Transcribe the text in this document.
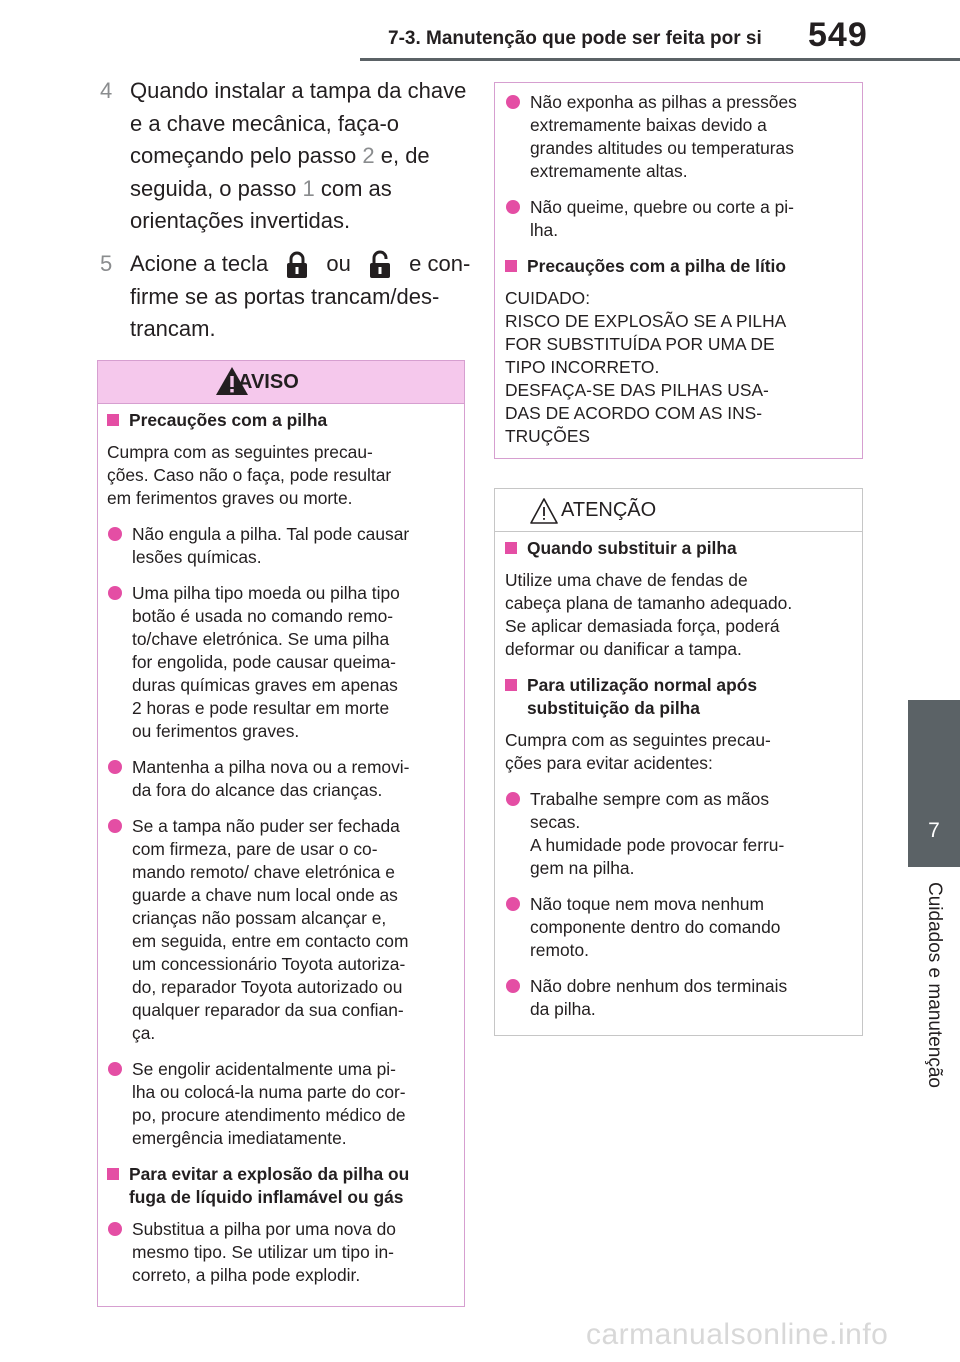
7-3. Manutenção que pode ser feita por si 549
7
Cuidados e manutenção
4 Quando instalar a tampa da chave e a chave mecânica, faça-o começando pelo passo 2 e, de seguida, o passo 1 com as orientações invertidas.
5 Acione a tecla  ou  e con-firme se as portas trancam/des-trancam.
AVISO
Precauções com a pilha
Cumpra com as seguintes precau-
ções. Caso não o faça, pode resultar
em ferimentos graves ou morte.
Não engula a pilha. Tal pode causar
lesões químicas.
Uma pilha tipo moeda ou pilha tipo
botão é usada no comando remo-
to/chave eletrónica. Se uma pilha
for engolida, pode causar queima-
duras químicas graves em apenas
2 horas e pode resultar em morte
ou ferimentos graves.
Mantenha a pilha nova ou a removi-
da fora do alcance das crianças.
Se a tampa não puder ser fechada
com firmeza, pare de usar o co-
mando remoto/ chave eletrónica e
guarde a chave num local onde as
crianças não possam alcançar e,
em seguida, entre em contacto com
um concessionário Toyota autoriza-
do, reparador Toyota autorizado ou
qualquer reparador da sua confian-
ça.
Se engolir acidentalmente uma pi-
lha ou colocá-la numa parte do cor-
po, procure atendimento médico de
emergência imediatamente.
Para evitar a explosão da pilha ou
fuga de líquido inflamável ou gás
Substitua a pilha por uma nova do
mesmo tipo. Se utilizar um tipo in-
correto, a pilha pode explodir.
Não exponha as pilhas a pressões
extremamente baixas devido a
grandes altitudes ou temperaturas
extremamente altas.
Não queime, quebre ou corte a pi-
lha.
Precauções com a pilha de lítio
CUIDADO:
RISCO DE EXPLOSÃO SE A PILHA
FOR SUBSTITUÍDA POR UMA DE
TIPO INCORRETO.
DESFAÇA-SE DAS PILHAS USA-
DAS DE ACORDO COM AS INS-
TRUÇÕES
ATENÇÃO
Quando substituir a pilha
Utilize uma chave de fendas de
cabeça plana de tamanho adequado.
Se aplicar demasiada força, poderá
deformar ou danificar a tampa.
Para utilização normal após
substituição da pilha
Cumpra com as seguintes precau-
ções para evitar acidentes:
Trabalhe sempre com as mãos
secas.
A humidade pode provocar ferru-
gem na pilha.
Não toque nem mova nenhum
componente dentro do comando
remoto.
Não dobre nenhum dos terminais
da pilha.
carmanualsonline.info
